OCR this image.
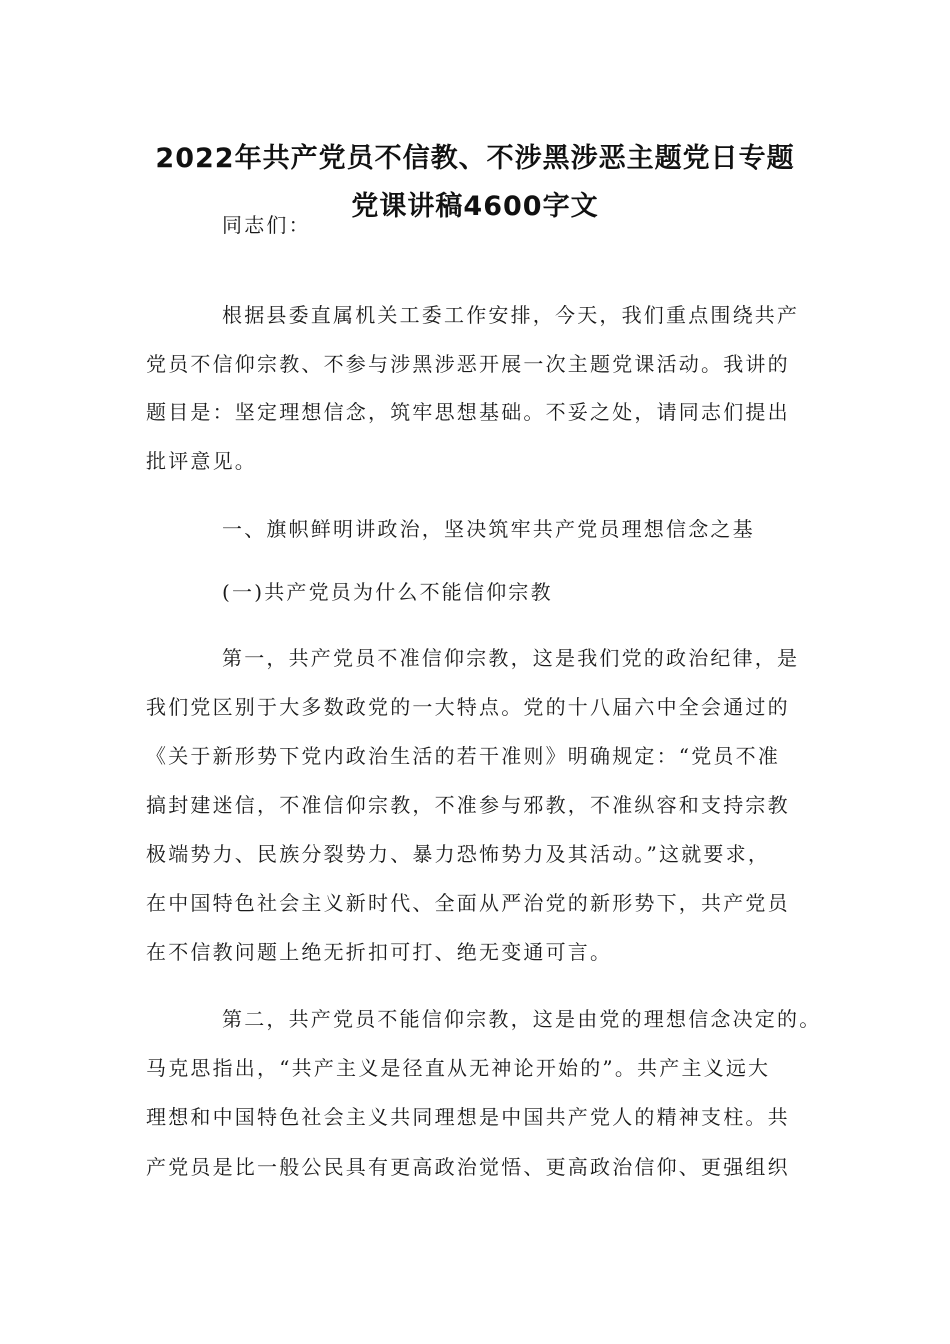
2022年共产党员不信教、不涉黑涉恶主题党日专题
党课讲稿4600字文
同志们：
根据县委直属机关工委工作安排，今天，我们重点围绕共产
党员不信仰宗教、不参与涉黑涉恶开展一次主题党课活动。我讲的
题目是：坚定理想信念，筑牢思想基础。不妥之处，请同志们提出
批评意见。
一、旗帜鲜明讲政治，坚决筑牢共产党员理想信念之基
(一)共产党员为什么不能信仰宗教
第一，共产党员不准信仰宗教，这是我们党的政治纪律，是
我们党区别于大多数政党的一大特点。党的十八届六中全会通过的
《关于新形势下党内政治生活的若干准则》明确规定：“党员不准
搞封建迷信，不准信仰宗教，不准参与邪教，不准纵容和支持宗教
极端势力、民族分裂势力、暴力恐怖势力及其活动。”这就要求，
在中国特色社会主义新时代、全面从严治党的新形势下，共产党员
在不信教问题上绝无折扣可打、绝无变通可言。
第二，共产党员不能信仰宗教，这是由党的理想信念决定的。
马克思指出，“共产主义是径直从无神论开始的”。共产主义远大
理想和中国特色社会主义共同理想是中国共产党人的精神支柱。共
产党员是比一般公民具有更高政治觉悟、更高政治信仰、更强组织
